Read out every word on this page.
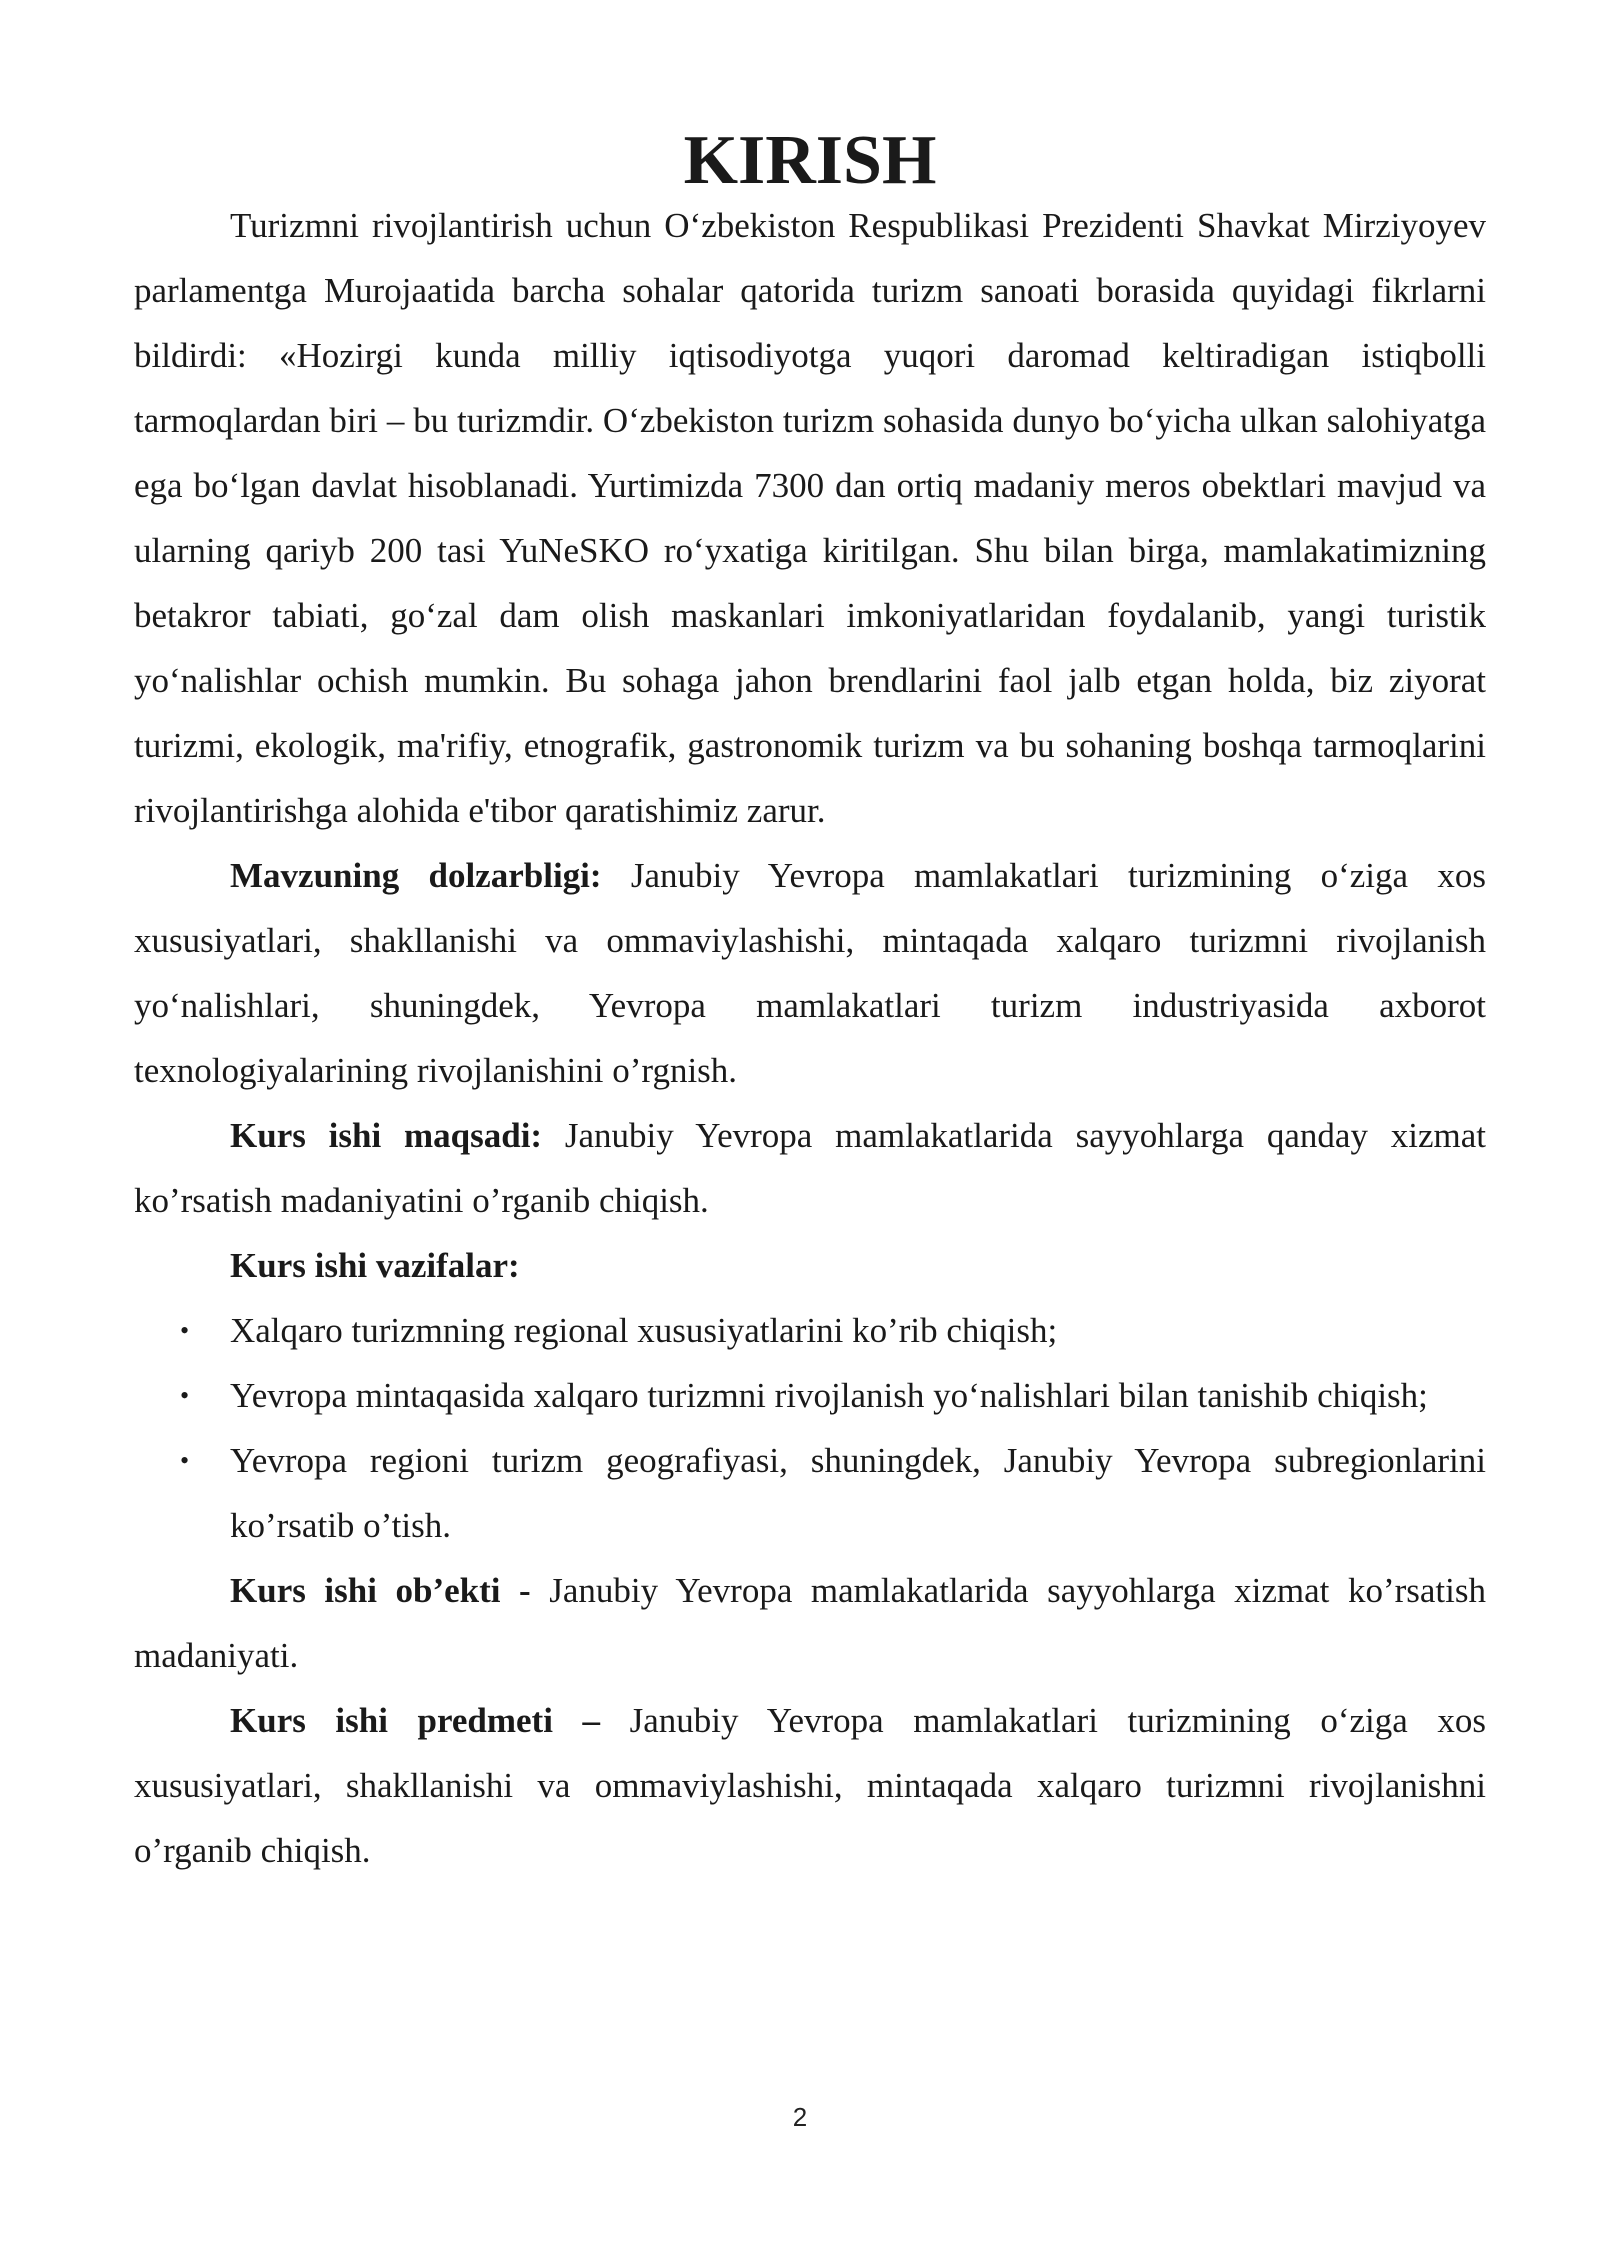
KIRISH

Turizmni rivojlantirish uchun O‘zbekiston Respublikasi Prezidenti Shavkat Mirziyoyev parlamentga Murojaatida barcha sohalar qatorida turizm sanoati borasida quyidagi fikrlarni bildirdi: «Hozirgi kunda milliy iqtisodiyotga yuqori daromad keltiradigan istiqbolli tarmoqlardan biri – bu turizmdir. O‘zbekiston turizm sohasida dunyo bo‘yicha ulkan salohiyatga ega bo‘lgan davlat hisoblanadi. Yurtimizda 7300 dan ortiq madaniy meros obektlari mavjud va ularning qariyb 200 tasi YuNeSKO ro‘yxatiga kiritilgan. Shu bilan birga, mamlakatimizning betakror tabiati, go‘zal dam olish maskanlari imkoniyatlaridan foydalanib, yangi turistik yo‘nalishlar ochish mumkin. Bu sohaga jahon brendlarini faol jalb etgan holda, biz ziyorat turizmi, ekologik, ma'rifiy, etnografik, gastronomik turizm va bu sohaning boshqa tarmoqlarini rivojlantirishga alohida e'tibor qaratishimiz zarur.

Mavzuning dolzarbligi: Janubiy Yevropa mamlakatlari turizmining o‘ziga xos xususiyatlari, shakllanishi va ommaviylashishi, mintaqada xalqaro turizmni rivojlanish yo‘nalishlari, shuningdek, Yevropa mamlakatlari turizm industriyasida axborot texnologiyalarining rivojlanishini o’rgnish.

Kurs ishi maqsadi: Janubiy Yevropa mamlakatlarida sayyohlarga qanday xizmat ko’rsatish madaniyatini o’rganib chiqish.

Kurs ishi vazifalar:

• Xalqaro turizmning regional xususiyatlarini ko’rib chiqish;
• Yevropa mintaqasida xalqaro turizmni rivojlanish yo‘nalishlari bilan tanishib chiqish;
• Yevropa regioni turizm geografiyasi, shuningdek, Janubiy Yevropa subregionlarini ko’rsatib o’tish.

Kurs ishi ob’ekti - Janubiy Yevropa mamlakatlarida sayyohlarga xizmat ko’rsatish madaniyati.

Kurs ishi predmeti – Janubiy Yevropa mamlakatlari turizmining o‘ziga xos xususiyatlari, shakllanishi va ommaviylashishi, mintaqada xalqaro turizmni rivojlanishni o’rganib chiqish.

2
